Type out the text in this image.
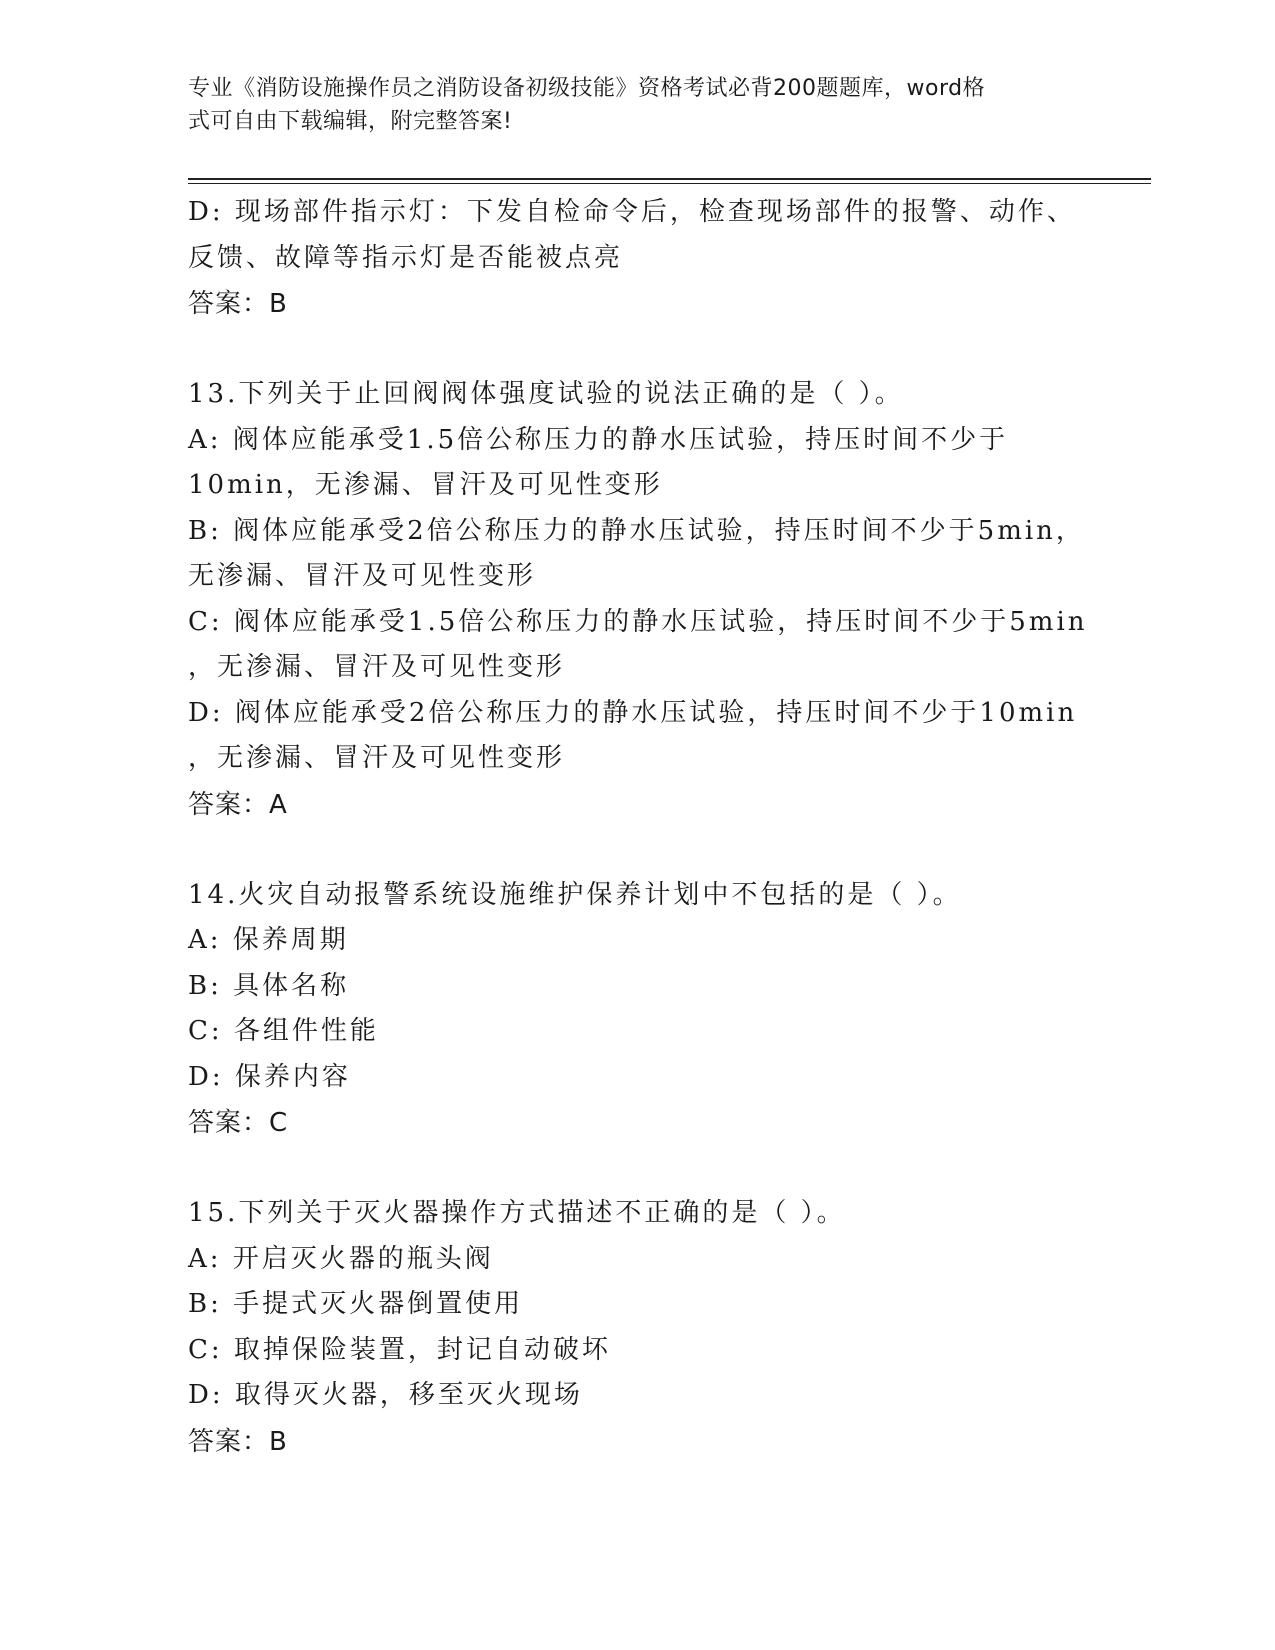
专业《消防设施操作员之消防设备初级技能》资格考试必背200题题库，word格
式可自由下载编辑，附完整答案!
D: 现场部件指示灯：下发自检命令后，检查现场部件的报警、动作、
反馈、故障等指示灯是否能被点亮
答案：B
13.下列关于止回阀阀体强度试验的说法正确的是（ ）。
A: 阀体应能承受1.5倍公称压力的静水压试验，持压时间不少于
10min，无渗漏、冒汗及可见性变形
B: 阀体应能承受2倍公称压力的静水压试验，持压时间不少于5min，
无渗漏、冒汗及可见性变形
C: 阀体应能承受1.5倍公称压力的静水压试验，持压时间不少于5min
，无渗漏、冒汗及可见性变形
D: 阀体应能承受2倍公称压力的静水压试验，持压时间不少于10min
，无渗漏、冒汗及可见性变形
答案：A
14.火灾自动报警系统设施维护保养计划中不包括的是（ ）。
A: 保养周期
B: 具体名称
C: 各组件性能
D: 保养内容
答案：C
15.下列关于灭火器操作方式描述不正确的是（ ）。
A: 开启灭火器的瓶头阀
B: 手提式灭火器倒置使用
C: 取掉保险装置，封记自动破坏
D: 取得灭火器，移至灭火现场
答案：B
